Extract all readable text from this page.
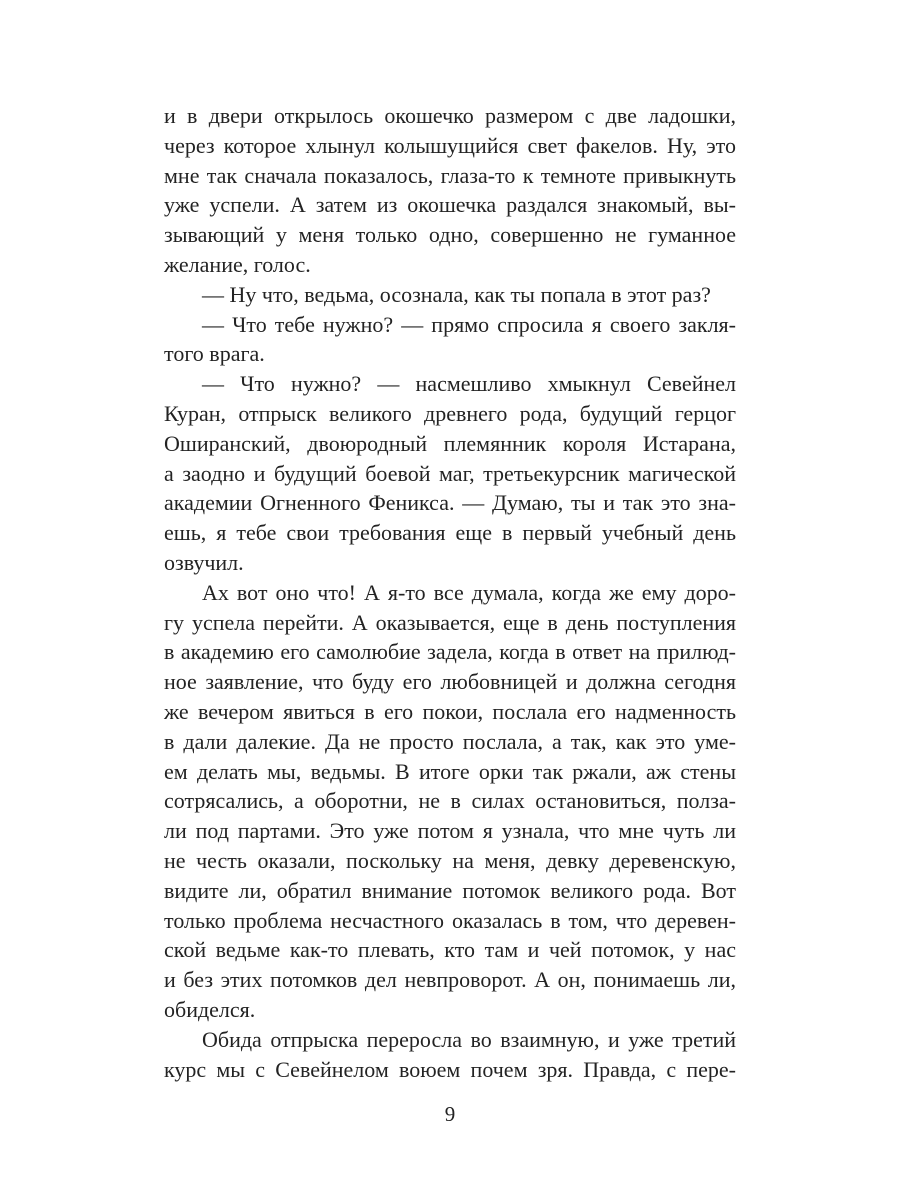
и в двери открылось окошечко размером с две ладошки,
через которое хлынул колышущийся свет факелов. Ну, это
мне так сначала показалось, глаза-то к темноте привыкнуть
уже успели. А затем из окошечка раздался знакомый, вы-
зывающий у меня только одно, совершенно не гуманное
желание, голос.
— Ну что, ведьма, осознала, как ты попала в этот раз?
— Что тебе нужно? — прямо спросила я своего закля-
того врага.
— Что нужно? — насмешливо хмыкнул Севейнел
Куран, отпрыск великого древнего рода, будущий герцог
Оширанский, двоюродный племянник короля Истарана,
а заодно и будущий боевой маг, третьекурсник магической
академии Огненного Феникса. — Думаю, ты и так это зна-
ешь, я тебе свои требования еще в первый учебный день
озвучил.
Ах вот оно что! А я-то все думала, когда же ему доро-
гу успела перейти. А оказывается, еще в день поступления
в академию его самолюбие задела, когда в ответ на прилюд-
ное заявление, что буду его любовницей и должна сегодня
же вечером явиться в его покои, послала его надменность
в дали далекие. Да не просто послала, а так, как это уме-
ем делать мы, ведьмы. В итоге орки так ржали, аж стены
сотрясались, а оборотни, не в силах остановиться, полза-
ли под партами. Это уже потом я узнала, что мне чуть ли
не честь оказали, поскольку на меня, девку деревенскую,
видите ли, обратил внимание потомок великого рода. Вот
только проблема несчастного оказалась в том, что деревен-
ской ведьме как-то плевать, кто там и чей потомок, у нас
и без этих потомков дел невпроворот. А он, понимаешь ли,
обиделся.
Обида отпрыска переросла во взаимную, и уже третий
курс мы с Севейнелом воюем почем зря. Правда, с пере-
9
